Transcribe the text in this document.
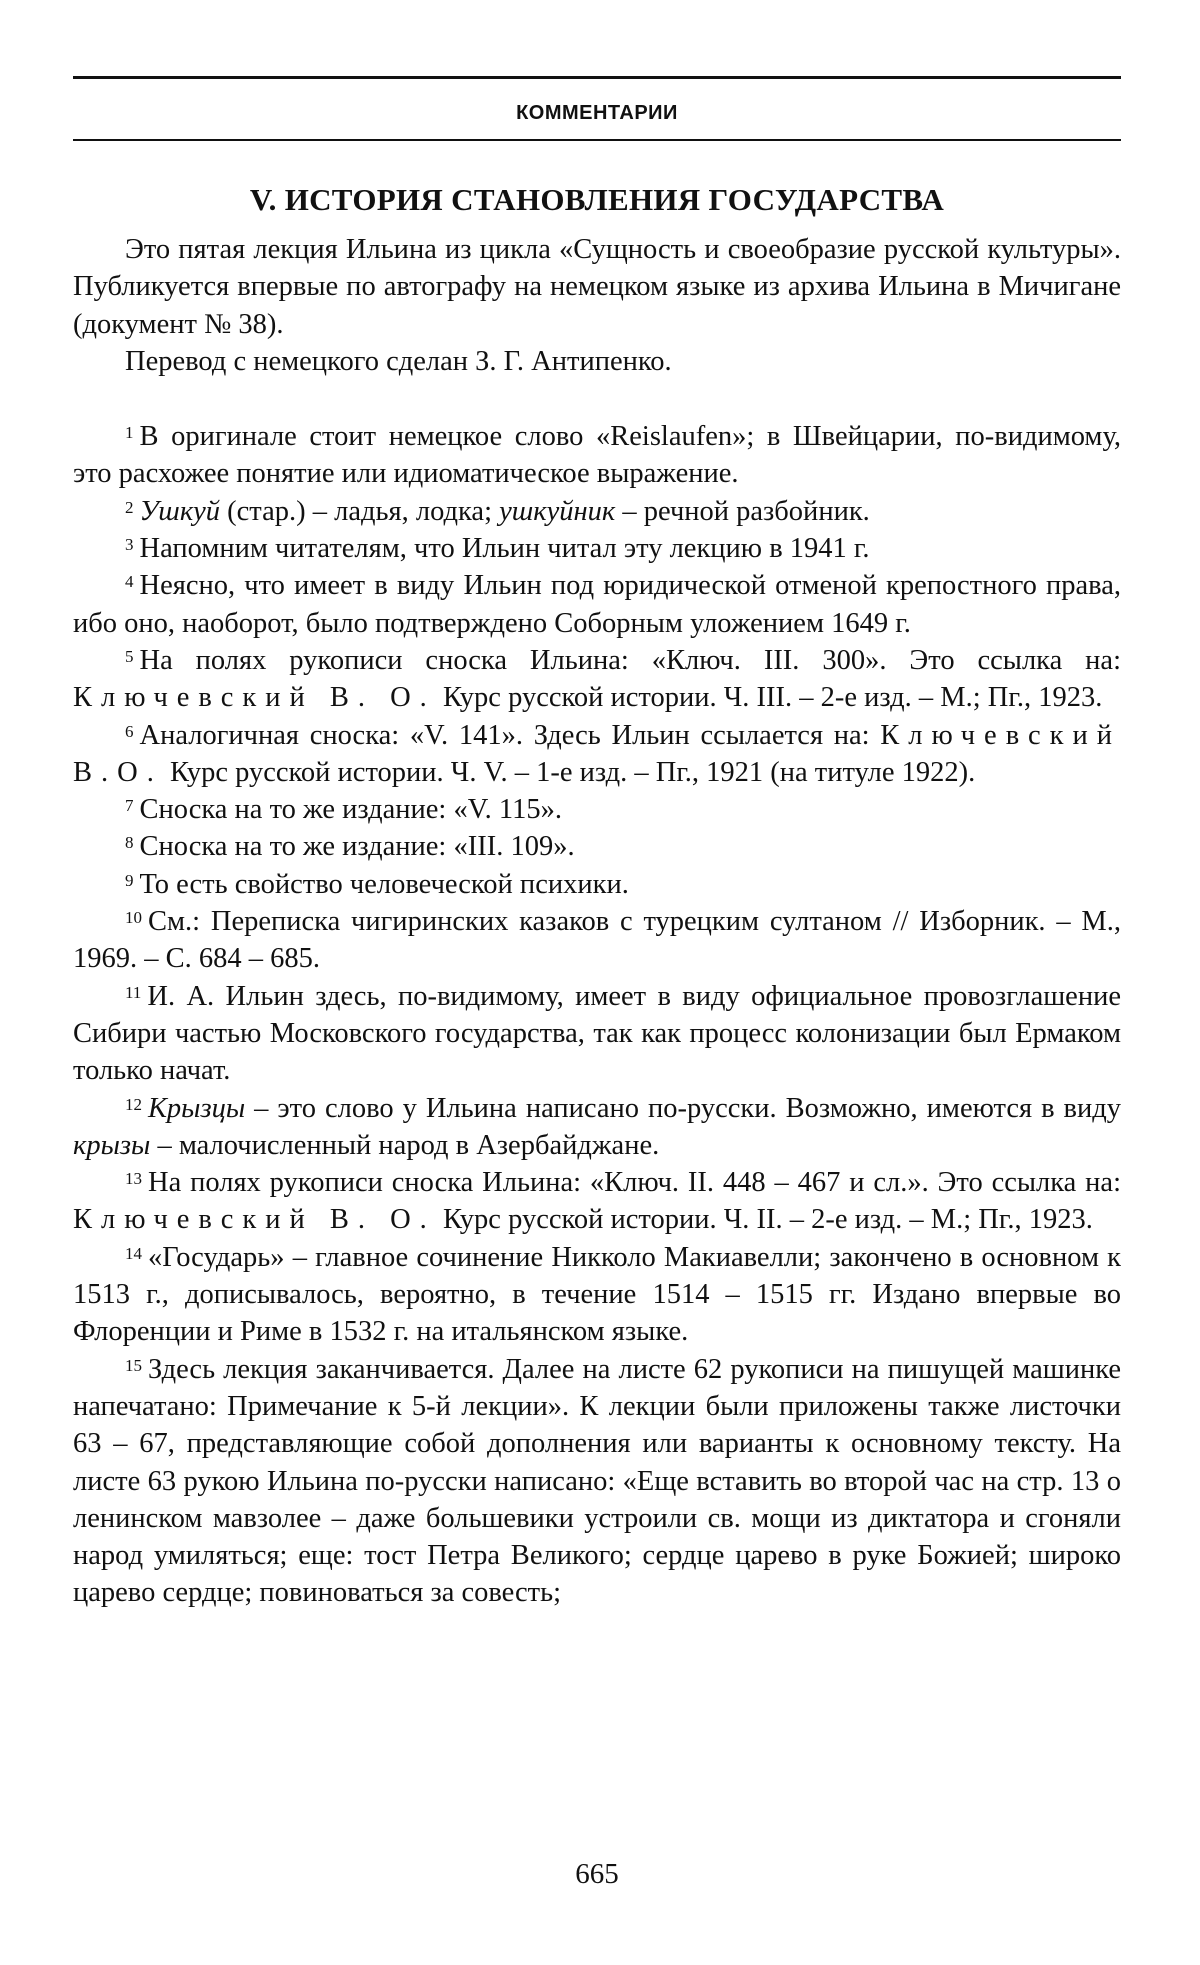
КОММЕНТАРИИ
V. ИСТОРИЯ СТАНОВЛЕНИЯ ГОСУДАРСТВА

Это пятая лекция Ильина из цикла «Сущность и своеобразие русской культуры». Публикуется впервые по автографу на немецком языке из архива Ильина в Мичигане (документ № 38).

Перевод с немецкого сделан З. Г. Антипенко.

$^1$ В оригинале стоит немецкое слово «Reislaufen»; в Швейцарии, по-видимому, это расхожее понятие или идиоматическое выражение.

$^2$ Ушкуй (стар.) – ладья, лодка; ушкуйник – речной разбойник.

$^3$ Напомним читателям, что Ильин читал эту лекцию в 1941 г.

$^4$ Неясно, что имеет в виду Ильин под юридической отменой крепостного права, ибо оно, наоборот, было подтверждено Соборным уложением 1649 г.

$^5$ На полях рукописи сноска Ильина: «Ключ. III. 300». Это ссылка на: Ключевский В. О. Курс русской истории. Ч. III. – 2-е изд. – М.; Пг., 1923.

$^6$ Аналогичная сноска: «V. 141». Здесь Ильин ссылается на: Ключевский В.О. Курс русской истории. Ч. V. – 1-е изд. – Пг., 1921 (на титуле 1922).

$^7$ Сноска на то же издание: «V. 115».

$^8$ Сноска на то же издание: «III. 109».

$^9$ То есть свойство человеческой психики.

$^{10}$ См.: Переписка чигиринских казаков с турецким султаном // Изборник. – М., 1969. – С. 684 – 685.

$^{11}$ И. А. Ильин здесь, по-видимому, имеет в виду официальное провозглашение Сибири частью Московского государства, так как процесс колонизации был Ермаком только начат.

$^{12}$ Крызцы – это слово у Ильина написано по-русски. Возможно, имеются в виду крызы – малочисленный народ в Азербайджане.

$^{13}$ На полях рукописи сноска Ильина: «Ключ. II. 448 – 467 и сл.». Это ссылка на: Ключевский В. О. Курс русской истории. Ч. II. – 2-е изд. – М.; Пг., 1923.

$^{14}$ «Государь» – главное сочинение Никколо Макиавелли; закончено в основном к 1513 г., дописывалось, вероятно, в течение 1514 – 1515 гг. Издано впервые во Флоренции и Риме в 1532 г. на итальянском языке.

$^{15}$ Здесь лекция заканчивается. Далее на листе 62 рукописи на пишущей машинке напечатано: Примечание к 5-й лекции». К лекции были приложены также листочки 63 – 67, представляющие собой дополнения или варианты к основному тексту. На листе 63 рукою Ильина по-русски написано: «Еще вставить во второй час на стр. 13 о ленинском мавзолее – даже большевики устроили св. мощи из диктатора и сгоняли народ умиляться; еще: тост Петра Великого; сердце царево в руке Божией; широко царево сердце; повиноваться за совесть;

665
